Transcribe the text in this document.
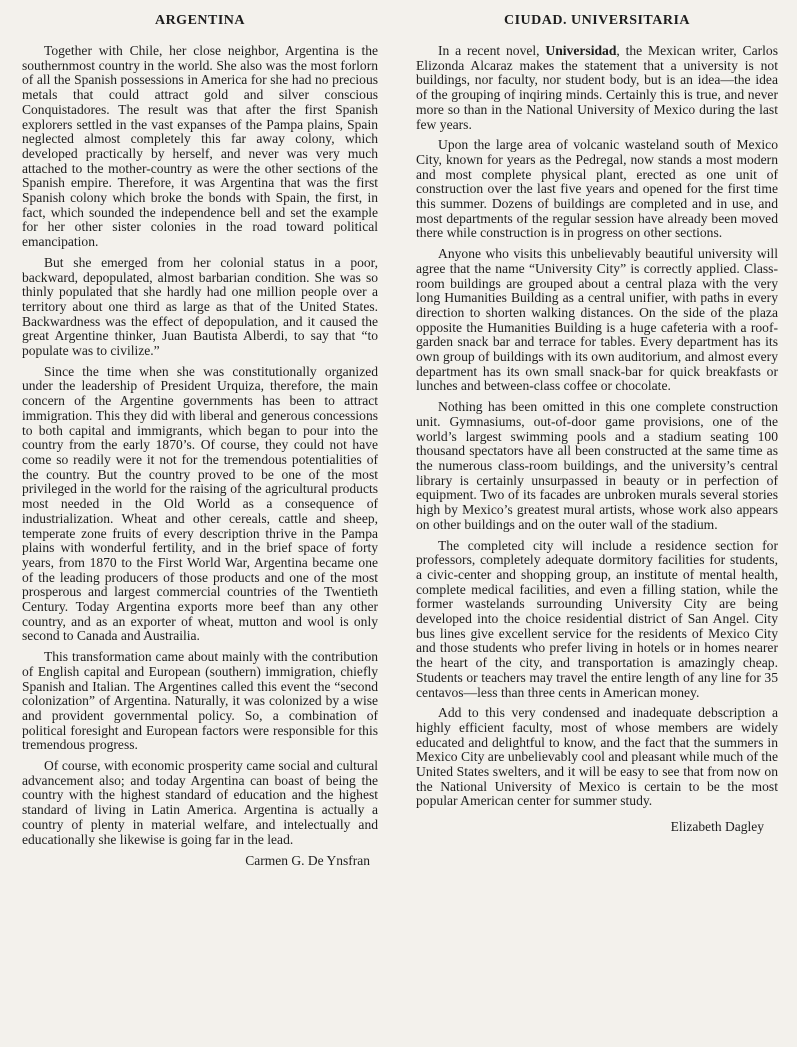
ARGENTINA

Together with Chile, her close neighbor, Argentina is the southernmost country in the world. She also was the most forlorn of all the Spanish possessions in America for she had no precious metals that could attract gold and silver conscious Conquistadores. The result was that after the first Spanish explorers settled in the vast expanses of the Pampa plains, Spain neglected almost completely this far away colony, which developed practically by herself, and never was very much attached to the mother-country as were the other sections of the Spanish empire. Therefore, it was Argentina that was the first Spanish colony which broke the bonds with Spain, the first, in fact, which sounded the independence bell and set the example for her other sister colonies in the road toward political emancipation.

But she emerged from her colonial status in a poor, backward, depopulated, almost barbarian condition. She was so thinly populated that she hardly had one million people over a territory about one third as large as that of the United States. Backwardness was the effect of depopulation, and it caused the great Argentine thinker, Juan Bautista Alberdi, to say that “to populate was to civilize.”

Since the time when she was constitutionally organized under the leadership of President Urquiza, therefore, the main concern of the Argentine governments has been to attract immigration. This they did with liberal and generous concessions to both capital and immigrants, which began to pour into the country from the early 1870’s. Of course, they could not have come so readily were it not for the tremendous potentialities of the country. But the country proved to be one of the most privileged in the world for the raising of the agricultural products most needed in the Old World as a consequence of industrialization. Wheat and other cereals, cattle and sheep, temperate zone fruits of every description thrive in the Pampa plains with wonderful fertility, and in the brief space of forty years, from 1870 to the First World War, Argentina became one of the leading producers of those products and one of the most prosperous and largest commercial countries of the Twentieth Century. Today Argentina exports more beef than any other country, and as an exporter of wheat, mutton and wool is only second to Canada and Austrailia.

This transformation came about mainly with the contribution of English capital and European (southern) immigration, chiefly Spanish and Italian. The Argentines called this event the “second colonization” of Argentina. Naturally, it was colonized by a wise and provident governmental policy. So, a combination of political foresight and European factors were responsible for this tremendous progress.

Of course, with economic prosperity came social and cultural advancement also; and today Argentina can boast of being the country with the highest standard of education and the highest standard of living in Latin America. Argentina is actually a country of plenty in material welfare, and intelectually and educationally she likewise is going far in the lead.

Carmen G. De Ynsfran
CIUDAD. UNIVERSITARIA

In a recent novel, Universidad, the Mexican writer, Carlos Elizonda Alcaraz makes the statement that a university is not buildings, nor faculty, nor student body, but is an idea—the idea of the grouping of inqiring minds. Certainly this is true, and never more so than in the National University of Mexico during the last few years.

Upon the large area of volcanic wasteland south of Mexico City, known for years as the Pedregal, now stands a most modern and most complete physical plant, erected as one unit of construction over the last five years and opened for the first time this summer. Dozens of buildings are completed and in use, and most departments of the regular session have already been moved there while construction is in progress on other sections.

Anyone who visits this unbelievably beautiful university will agree that the name “University City” is correctly applied. Class-room buildings are grouped about a central plaza with the very long Humanities Building as a central unifier, with paths in every direction to shorten walking distances. On the side of the plaza opposite the Humanities Building is a huge cafeteria with a roof-garden snack bar and terrace for tables. Every department has its own group of buildings with its own auditorium, and almost every department has its own small snack-bar for quick breakfasts or lunches and between-class coffee or chocolate.

Nothing has been omitted in this one complete construction unit. Gymnasiums, out-of-door game provisions, one of the world’s largest swimming pools and a stadium seating 100 thousand spectators have all been constructed at the same time as the numerous class-room buildings, and the university’s central library is certainly unsurpassed in beauty or in perfection of equipment. Two of its facades are unbroken murals several stories high by Mexico’s greatest mural artists, whose work also appears on other buildings and on the outer wall of the stadium.

The completed city will include a residence section for professors, completely adequate dormitory facilities for students, a civic-center and shopping group, an institute of mental health, complete medical facilities, and even a filling station, while the former wastelands surrounding University City are being developed into the choice residential district of San Angel. City bus lines give excellent service for the residents of Mexico City and those students who prefer living in hotels or in homes nearer the heart of the city, and transportation is amazingly cheap. Students or teachers may travel the entire length of any line for 35 centavos—less than three cents in American money.

Add to this very condensed and inadequate debscription a highly efficient faculty, most of whose members are widely educated and delightful to know, and the fact that the summers in Mexico City are unbelievably cool and pleasant while much of the United States swelters, and it will be easy to see that from now on the National University of Mexico is certain to be the most popular American center for summer study.

Elizabeth Dagley
